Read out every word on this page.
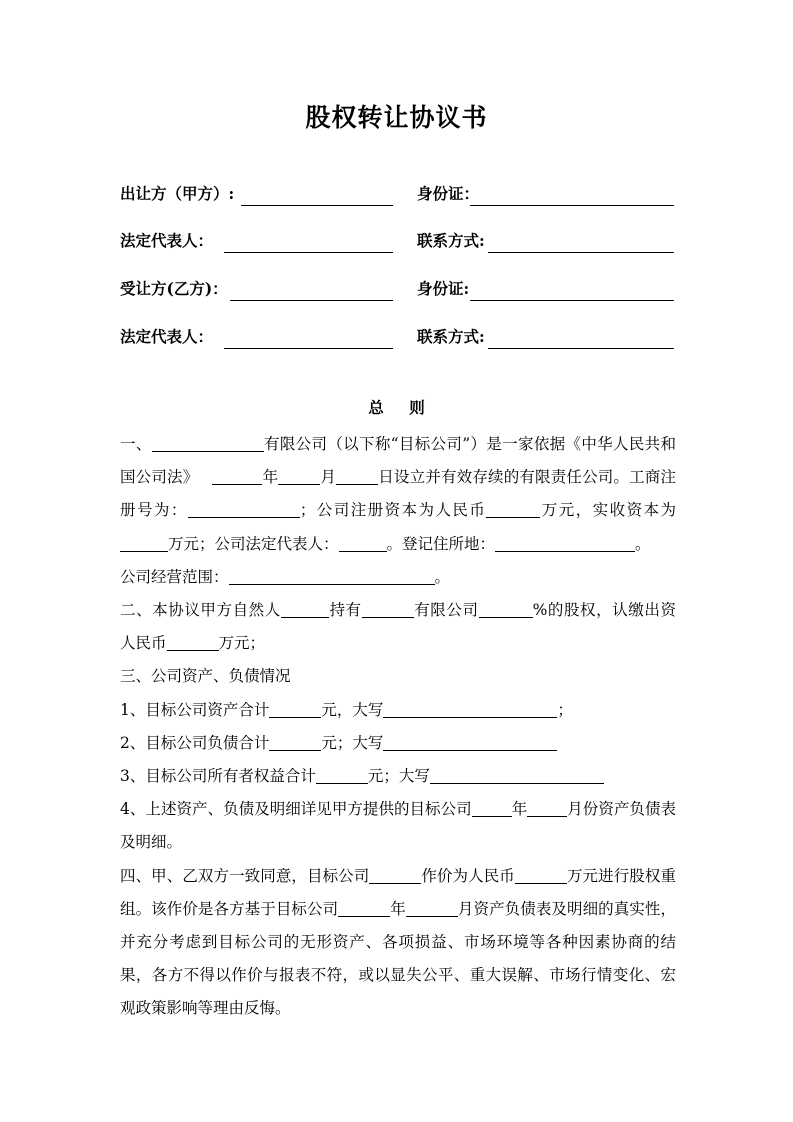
股权转让协议书
出让方（甲方）:	身份证：
法定代表人：	联系方式:
受让方(乙方)：	身份证:
法定代表人：	联系方式:
总 则

一、	有限公司（以下称“目标公司”）是一家依据《中华人民共和国公司法》	年	月	日设立并有效存续的有限责任公司。工商注册号为：	；公司注册资本为人民币	万元，实收资本为万元；公司法定代表人：	。登记住所地：	。
公司经营范围：	。

二、本协议甲方自然人	持有	有限公司	%的股权，认缴出资人民币	万元；

三、公司资产、负债情况

1、目标公司资产合计	元，大写	；

2、目标公司负债合计	元；大写

3、目标公司所有者权益合计	元；大写

4、上述资产、负债及明细详见甲方提供的目标公司	年	月份资产负债表及明细。

四、甲、乙双方一致同意，目标公司	作价为人民币	万元进行股权重组。该作价是各方基于目标公司	年	月资产负债表及明细的真实性，并充分考虑到目标公司的无形资产、各项损益、市场环境等各种因素协商的结果，各方不得以作价与报表不符，或以显失公平、重大误解、市场行情变化、宏观政策影响等理由反悔。
